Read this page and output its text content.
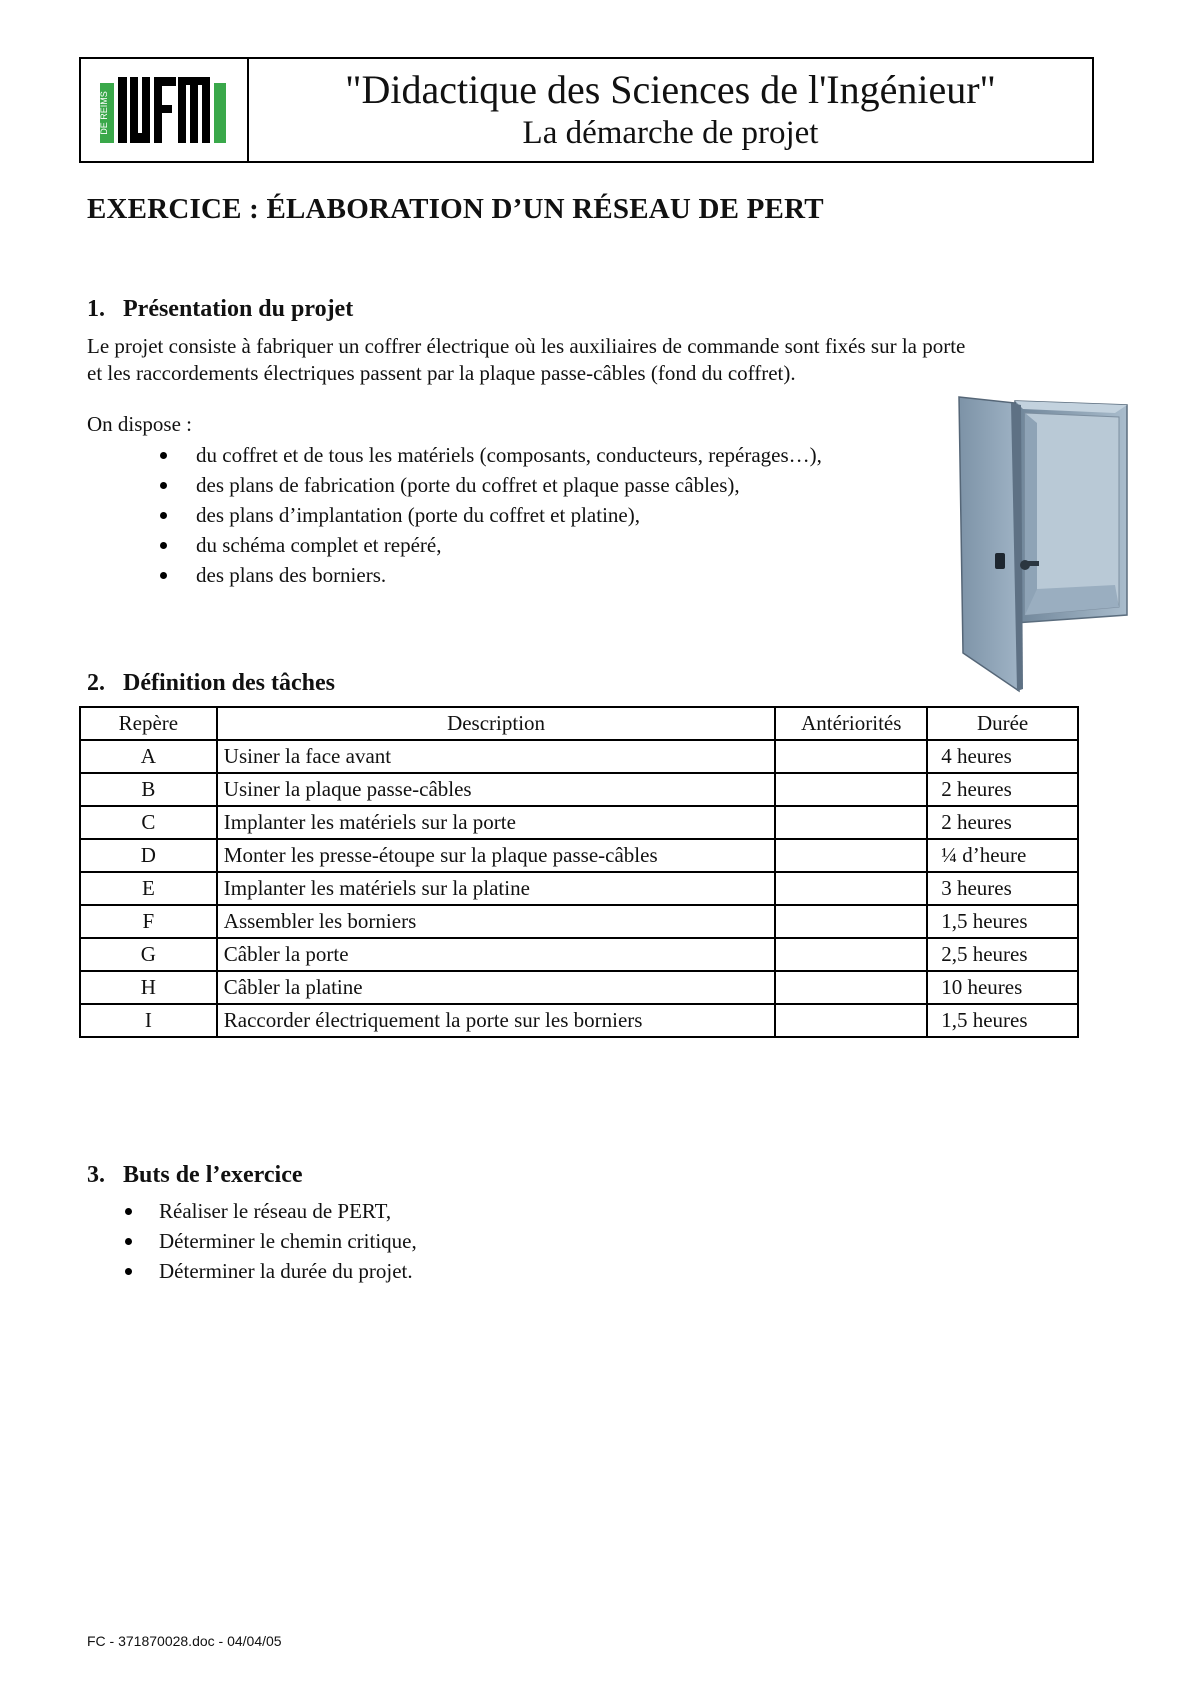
DE REIMS
IUFM	"Didactique des Sciences de l'Ingénieur"
La démarche de projet
EXERCICE : ÉLABORATION D’UN RÉSEAU DE PERT
1. Présentation du projet
Le projet consiste à fabriquer un coffrer électrique où les auxiliaires de commande sont fixés sur la porte
et les raccordements électriques passent par la plaque passe-câbles (fond du coffret).
On dispose :
du coffret et de tous les matériels (composants, conducteurs, repérages…),
des plans de fabrication (porte du coffret et plaque passe câbles),
des plans d’implantation (porte du coffret et platine),
du schéma complet et repéré,
des plans des borniers.
2. Définition des tâches
Repère	Description	Antériorités	Durée
A	Usiner la face avant		4 heures
B	Usiner la plaque passe-câbles		2 heures
C	Implanter les matériels sur la porte		2 heures
D	Monter les presse-étoupe sur la plaque passe-câbles		¼ d’heure
E	Implanter les matériels sur la platine		3 heures
F	Assembler les borniers		1,5 heures
G	Câbler la porte		2,5 heures
H	Câbler la platine		10 heures
I	Raccorder électriquement la porte sur les borniers		1,5 heures
3. Buts de l’exercice
Réaliser le réseau de PERT,
Déterminer le chemin critique,
Déterminer la durée du projet.
FC - 371870028.doc - 04/04/05
